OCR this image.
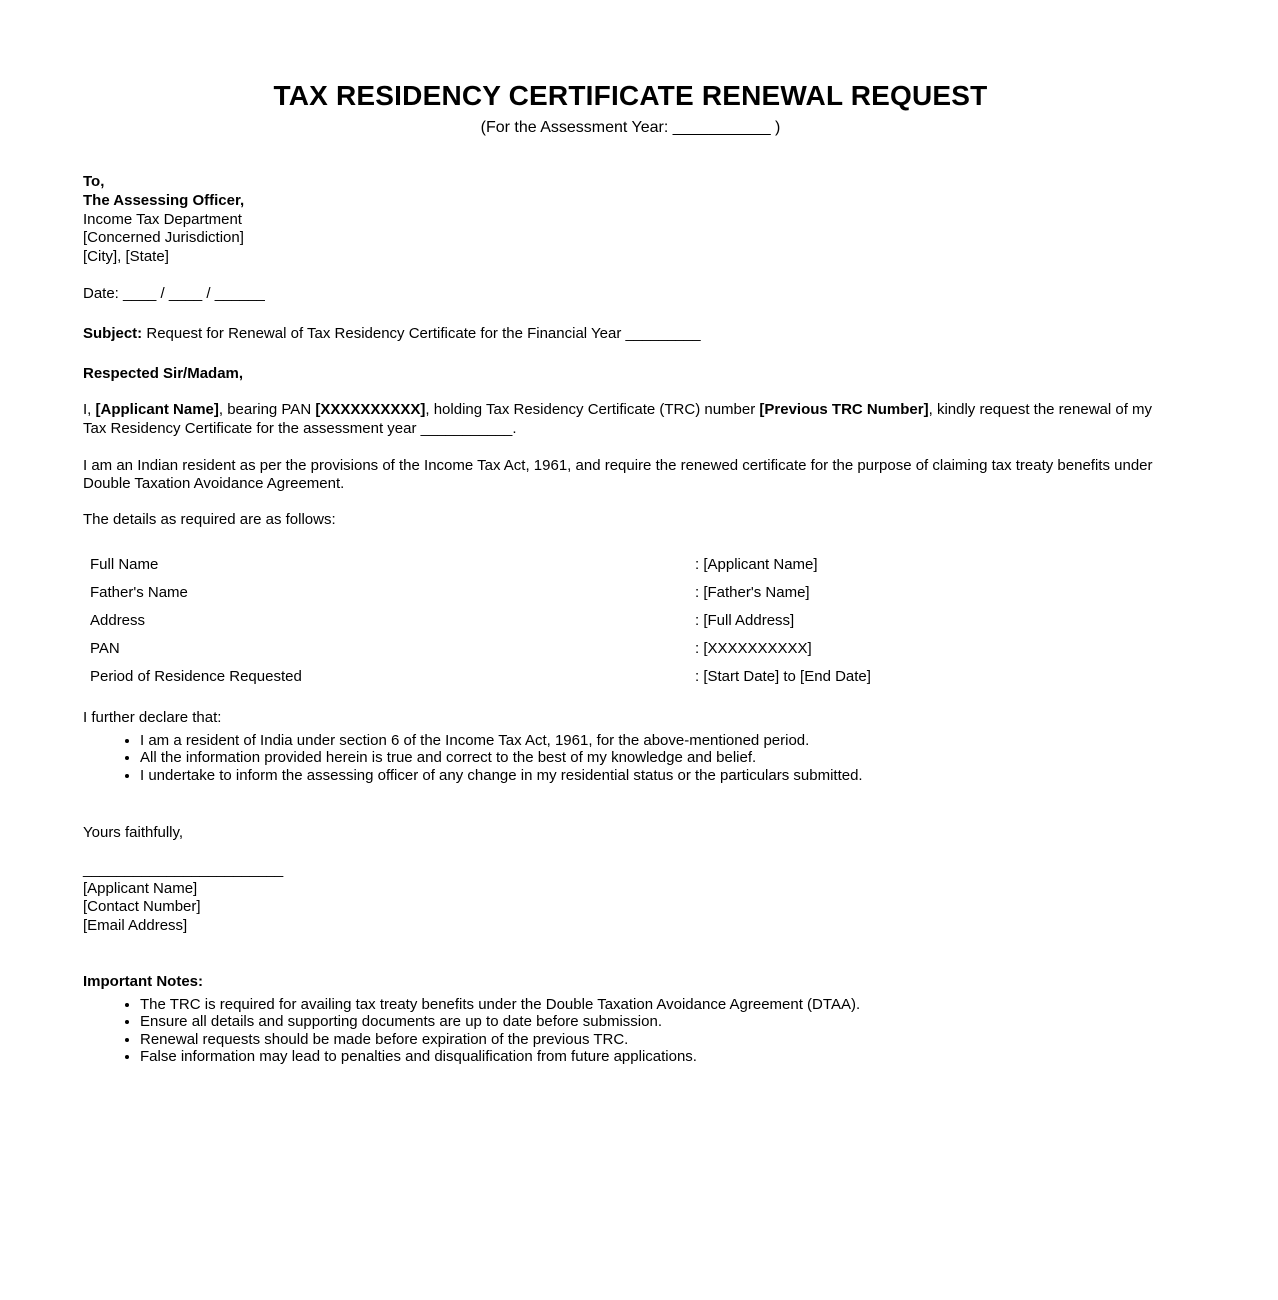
TAX RESIDENCY CERTIFICATE RENEWAL REQUEST
(For the Assessment Year: ___________ )
To,
The Assessing Officer,
Income Tax Department
[Concerned Jurisdiction]
[City], [State]
Date: ____ / ____ / ______
Subject: Request for Renewal of Tax Residency Certificate for the Financial Year _________
Respected Sir/Madam,

I, [Applicant Name], bearing PAN [XXXXXXXXXX], holding Tax Residency Certificate (TRC) number [Previous TRC Number], kindly request the renewal of my Tax Residency Certificate for the assessment year ___________.

I am an Indian resident as per the provisions of the Income Tax Act, 1961, and require the renewed certificate for the purpose of claiming tax treaty benefits under Double Taxation Avoidance Agreement.

The details as required are as follows:
Full Name	: [Applicant Name]
Father's Name	: [Father's Name]
Address	: [Full Address]
PAN	: [XXXXXXXXXX]
Period of Residence Requested	: [Start Date] to [End Date]
I further declare that:
• I am a resident of India under section 6 of the Income Tax Act, 1961, for the above-mentioned period.
• All the information provided herein is true and correct to the best of my knowledge and belief.
• I undertake to inform the assessing officer of any change in my residential status or the particulars submitted.
Yours faithfully,
________________________
[Applicant Name]
[Contact Number]
[Email Address]
Important Notes:
• The TRC is required for availing tax treaty benefits under the Double Taxation Avoidance Agreement (DTAA).
• Ensure all details and supporting documents are up to date before submission.
• Renewal requests should be made before expiration of the previous TRC.
• False information may lead to penalties and disqualification from future applications.
